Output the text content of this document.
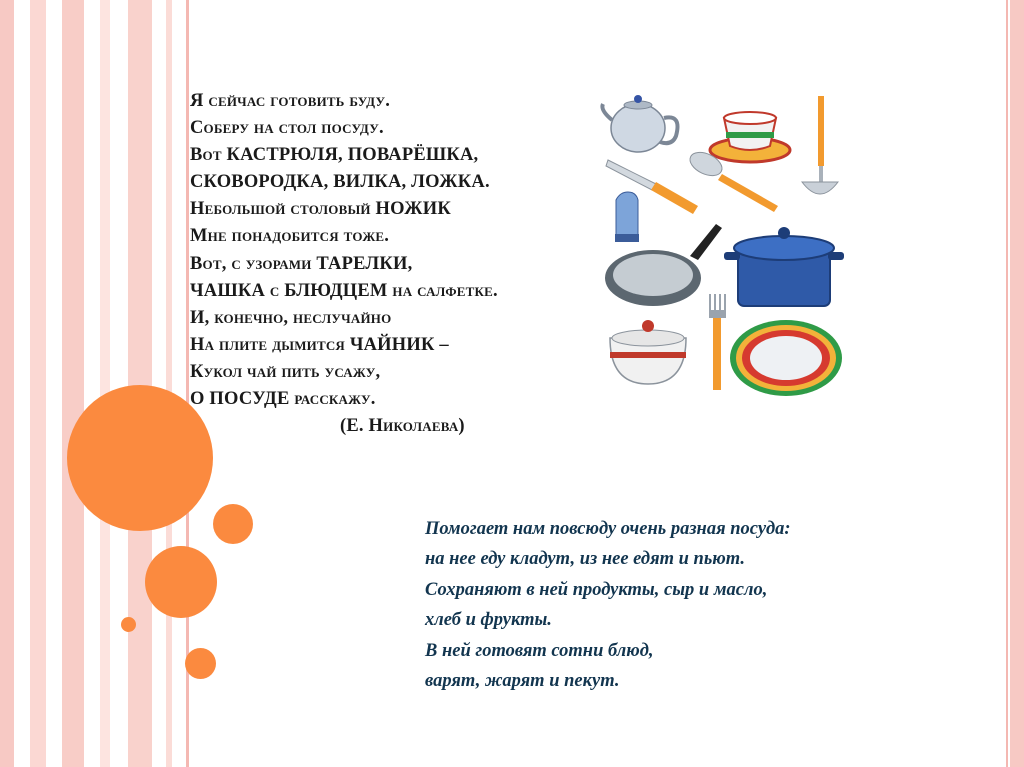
Я сейчас готовить буду.
Соберу на стол посуду.
Вот КАСТРЮЛЯ, ПОВАРЁШКА,
СКОВОРОДКА, ВИЛКА, ЛОЖКА.
Небольшой столовый НОЖИК
Мне понадобится тоже.
Вот, с узорами ТАРЕЛКИ,
ЧАШКА с БЛЮДЦЕМ на салфетке.
И, конечно, неслучайно
На плите дымится ЧАЙНИК –
Кукол чай пить усажу,
О ПОСУДЕ расскажу.
(Е. Николаева)
Помогает нам повсюду очень разная посуда:
на нее еду кладут, из нее едят и пьют.
Сохраняют в ней продукты, сыр и масло,
хлеб и фрукты.
В ней готовят сотни блюд,
варят, жарят и пекут.
